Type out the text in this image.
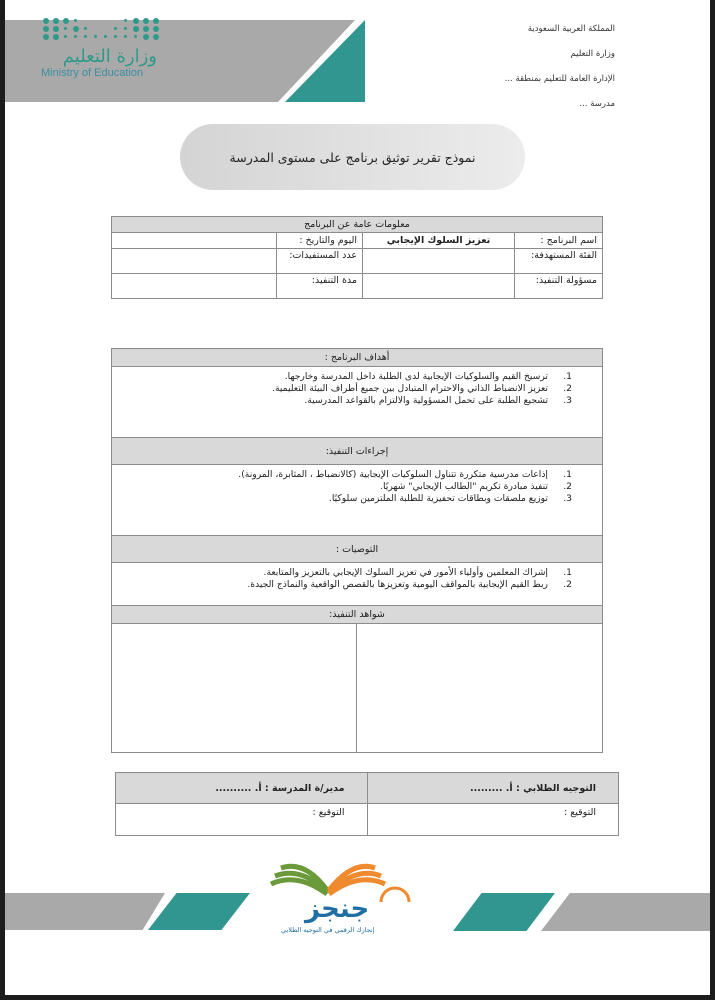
وزارة التعليم
Ministry of Education
المملكة العربية السعودية
وزارة التعليم
الإدارة العامة للتعليم بمنطقة ...
مدرسة ...
نموذج تقرير توثيق برنامج على مستوى المدرسة
معلومات عامة عن البرنامج			
اسم البرنامج :	تعزيز السلوك الإيجابي	اليوم والتاريخ :	
الفئة المستهدفة:		عدد المستفيدات:	
مسؤولة التنفيذ:		مدة التنفيذ:	
أهداف البرنامج :

1.ترسيخ القيم والسلوكيات الإيجابية لدى الطلبة داخل المدرسة وخارجها.
2.تعزيز الانضباط الذاتي والاحترام المتبادل بين جميع أطراف البيئة التعليمية.
3.تشجيع الطلبة على تحمل المسؤولية والالتزام بالقواعد المدرسية.

إجراءات التنفيذ:

1.إذاعات مدرسية متكررة تتناول السلوكيات الإيجابية (كالانضباط ، المثابرة، المرونة).
2.تنفيذ مبادرة تكريم "الطالب الإيجابي" شهريًا.
3.توزيع ملصقات وبطاقات تحفيزية للطلبة الملتزمين سلوكيًا.

التوصيات :

1.إشراك المعلمين وأولياء الأمور في تعزيز السلوك الإيجابي بالتعزيز والمتابعة.
2.ربط القيم الإيجابية بالمواقف اليومية وتعزيزها بالقصص الواقعية والنماذج الجيدة.

شواهد التنفيذ:

التوجيه الطلابي : أ. .........	مدير/ة المدرسة : أ. ..........
التوقيع :	التوقيع :
جنجز
إنجازك الرقمي في التوجيه الطلابي
